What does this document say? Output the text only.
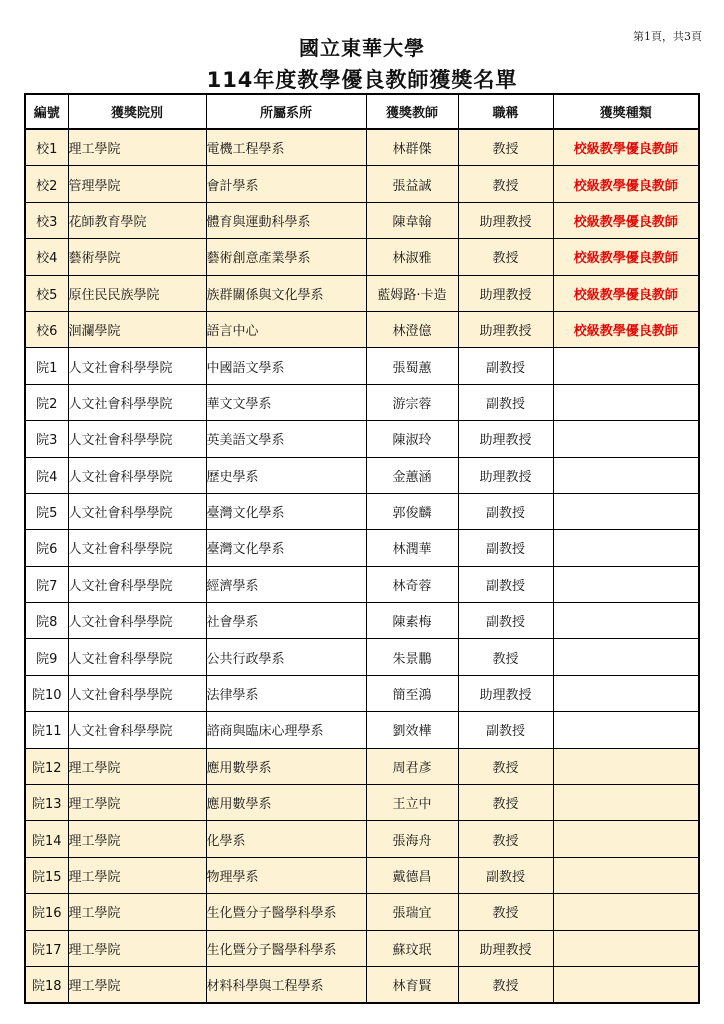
第1頁，共3頁
國立東華大學
114年度教學優良教師獲獎名單
編號	獲獎院別	所屬系所	獲獎教師	職稱	獲獎種類
校1	理工學院	電機工程學系	林群傑	教授	校級教學優良教師
校2	管理學院	會計學系	張益誠	教授	校級教學優良教師
校3	花師教育學院	體育與運動科學系	陳韋翰	助理教授	校級教學優良教師
校4	藝術學院	藝術創意產業學系	林淑雅	教授	校級教學優良教師
校5	原住民民族學院	族群關係與文化學系	藍姆路·卡造	助理教授	校級教學優良教師
校6	洄瀾學院	語言中心	林澄億	助理教授	校級教學優良教師
院1	人文社會科學學院	中國語文學系	張蜀蕙	副教授	
院2	人文社會科學學院	華文文學系	游宗蓉	副教授	
院3	人文社會科學學院	英美語文學系	陳淑玲	助理教授	
院4	人文社會科學學院	歷史學系	金蕙涵	助理教授	
院5	人文社會科學學院	臺灣文化學系	郭俊麟	副教授	
院6	人文社會科學學院	臺灣文化學系	林潤華	副教授	
院7	人文社會科學學院	經濟學系	林奇蓉	副教授	
院8	人文社會科學學院	社會學系	陳素梅	副教授	
院9	人文社會科學學院	公共行政學系	朱景鵬	教授	
院10	人文社會科學學院	法律學系	簡至鴻	助理教授	
院11	人文社會科學學院	諮商與臨床心理學系	劉效樺	副教授	
院12	理工學院	應用數學系	周君彥	教授	
院13	理工學院	應用數學系	王立中	教授	
院14	理工學院	化學系	張海舟	教授	
院15	理工學院	物理學系	戴德昌	副教授	
院16	理工學院	生化暨分子醫學科學系	張瑞宜	教授	
院17	理工學院	生化暨分子醫學科學系	蘇玟珉	助理教授	
院18	理工學院	材料科學與工程學系	林育賢	教授	
